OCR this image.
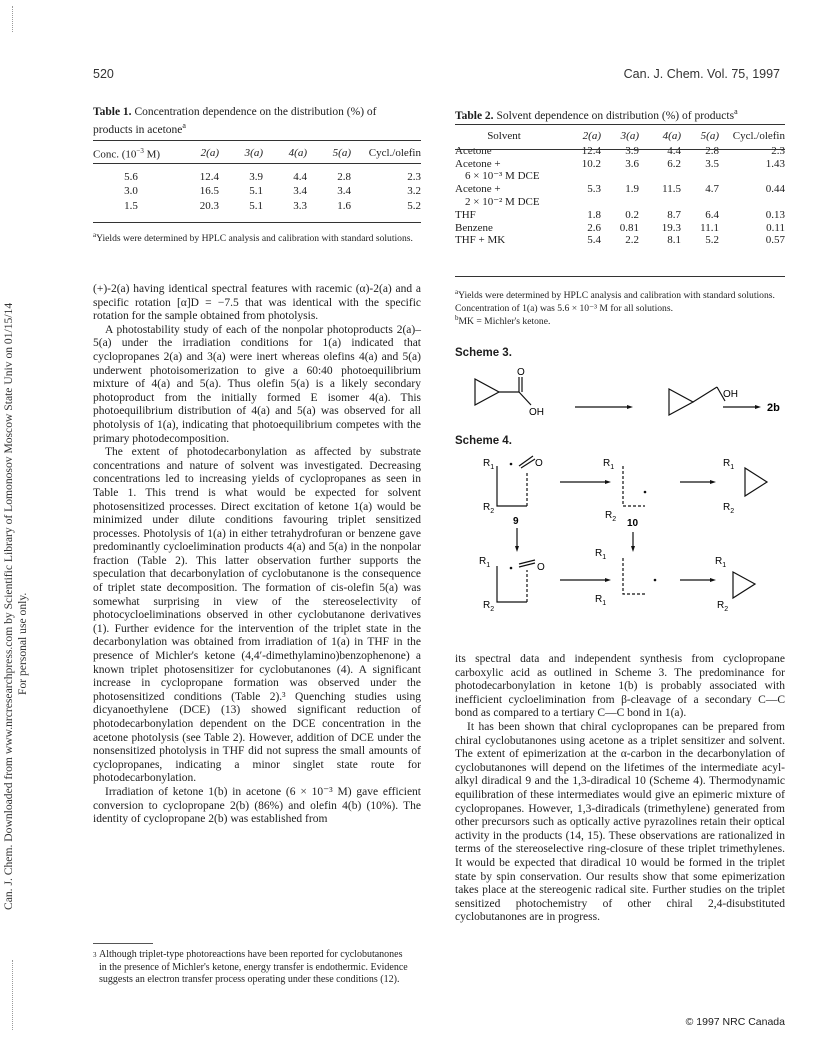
Can. J. Chem. Downloaded from www.nrcresearchpress.com by Scientific Library of Lomonosov Moscow State Univ on 01/15/14 For personal use only.
520	Can. J. Chem. Vol. 75, 1997
Table 1. Concentration dependence on the distribution (%) of products in acetone$^a$
Conc. ($10^{-3}$ M)	2(a)	3(a)	4(a)	5(a)	Cycl./olefin
5.6	12.4	3.9	4.4	2.8	2.3
3.0	16.5	5.1	3.4	3.4	3.2
1.5	20.3	5.1	3.3	1.6	5.2
$^a$Yields were determined by HPLC analysis and calibration with standard solutions.
Table 2. Solvent dependence on distribution (%) of products$^a$
Solvent	2(a)	3(a)	4(a)	5(a)	Cycl./olefin
Acetone	12.4	3.9	4.4	2.8	2.3
Acetone +	10.2	3.6	6.2	3.5	1.43
6 × 10⁻³ M DCE					
Acetone +	5.3	1.9	11.5	4.7	0.44
2 × 10⁻² M DCE					
THF	1.8	0.2	8.7	6.4	0.13
Benzene	2.6	0.81	19.3	11.1	0.11
THF + MK	5.4	2.2	8.1	5.2	0.57
$^a$Yields were determined by HPLC analysis and calibration with standard solutions. Concentration of 1(a) was 5.6 × 10⁻³ M for all solutions.
$^b$MK = Michler's ketone.

(+)-2(a) having identical spectral features with racemic (α)-2(a) and a specific rotation [α]D = −7.5 that was identical with the specific rotation for the sample obtained from photolysis.

A photostability study of each of the nonpolar photoproducts 2(a)–5(a) under the irradiation conditions for 1(a) indicated that cyclopropanes 2(a) and 3(a) were inert whereas olefins 4(a) and 5(a) underwent photoisomerization to give a 60:40 photoequilibrium mixture of 4(a) and 5(a). Thus olefin 5(a) is a likely secondary photoproduct from the initially formed E isomer 4(a). This photoequilibrium distribution of 4(a) and 5(a) was observed for all photolysis of 1(a), indicating that photoequilibrium competes with the primary photodecomposition.

The extent of photodecarbonylation as affected by substrate concentrations and nature of solvent was investigated. Decreasing concentrations led to increasing yields of cyclopropanes as seen in Table 1. This trend is what would be expected for solvent photosensitized processes. Direct excitation of ketone 1(a) would be minimized under dilute conditions favouring triplet sensitized processes. Photolysis of 1(a) in either tetrahydrofuran or benzene gave predominantly cycloelimination products 4(a) and 5(a) in the nonpolar fraction (Table 2). This latter observation further supports the speculation that decarbonylation of cyclobutanone is the consequence of triplet state decomposition. The formation of cis-olefin 5(a) was somewhat surprising in view of the stereoselectivity of photocycloeliminations observed in other cyclobutanone derivatives (1). Further evidence for the intervention of the triplet state in the decarbonylation was obtained from irradiation of 1(a) in THF in the presence of Michler's ketone (4,4′-dimethylamino)benzophenone) a known triplet photosensitizer for cyclobutanones (4). A significant increase in cyclopropane formation was observed under the photosensitized conditions (Table 2).³ Quenching studies using dicyanoethylene (DCE) (13) showed significant reduction of photodecarbonylation dependent on the DCE concentration in the acetone photolysis (see Table 2). However, addition of DCE under the nonsensitized photolysis in THF did not supress the small amounts of cyclopropanes, indicating a minor singlet state route for photodecarbonylation.

Irradiation of ketone 1(b) in acetone (6 × 10⁻³ M) gave efficient conversion to cyclopropane 2(b) (86%) and olefin 4(b) (10%). The identity of cyclopropane 2(b) was established from

$^3$ Although triplet-type photoreactions have been reported for cyclobutanones in the presence of Michler's ketone, energy transfer is endothermic. Evidence suggests an electron transfer process operating under these conditions (12).
Scheme 3.
O
OH
OH
2b
Scheme 4.
$R_1$	O
$R_2$
$R_1$
$R_2$
$R_1$
$R_2$
9	10
$R_1$	O
$R_2$
$R_1$
$R_1$
$R_1$
$R_2$

its spectral data and independent synthesis from cyclopropane carboxylic acid as outlined in Scheme 3. The predominance for photodecarbonylation in ketone 1(b) is probably associated with inefficient cycloelimination from β-cleavage of a secondary C—C bond as compared to a tertiary C—C bond in 1(a).

It has been shown that chiral cyclopropanes can be prepared from chiral cyclobutanones using acetone as a triplet sensitizer and solvent. The extent of epimerization at the α-carbon in the decarbonylation of cyclobutanones will depend on the lifetimes of the intermediate acyl-alkyl diradical 9 and the 1,3-diradical 10 (Scheme 4). Thermodynamic equilibration of these intermediates would give an epimeric mixture of cyclopropanes. However, 1,3-diradicals (trimethylene) generated from other precursors such as optically active pyrazolines retain their optical activity in the products (14, 15). These observations are rationalized in terms of the stereoselective ring-closure of these triplet trimethylenes. It would be expected that diradical 10 would be formed in the triplet state by spin conservation. Our results show that some epimerization takes place at the stereogenic radical site. Further studies on the triplet sensitized photochemistry of other chiral 2,4-disubstituted cyclobutanones are in progress.

© 1997 NRC Canada
